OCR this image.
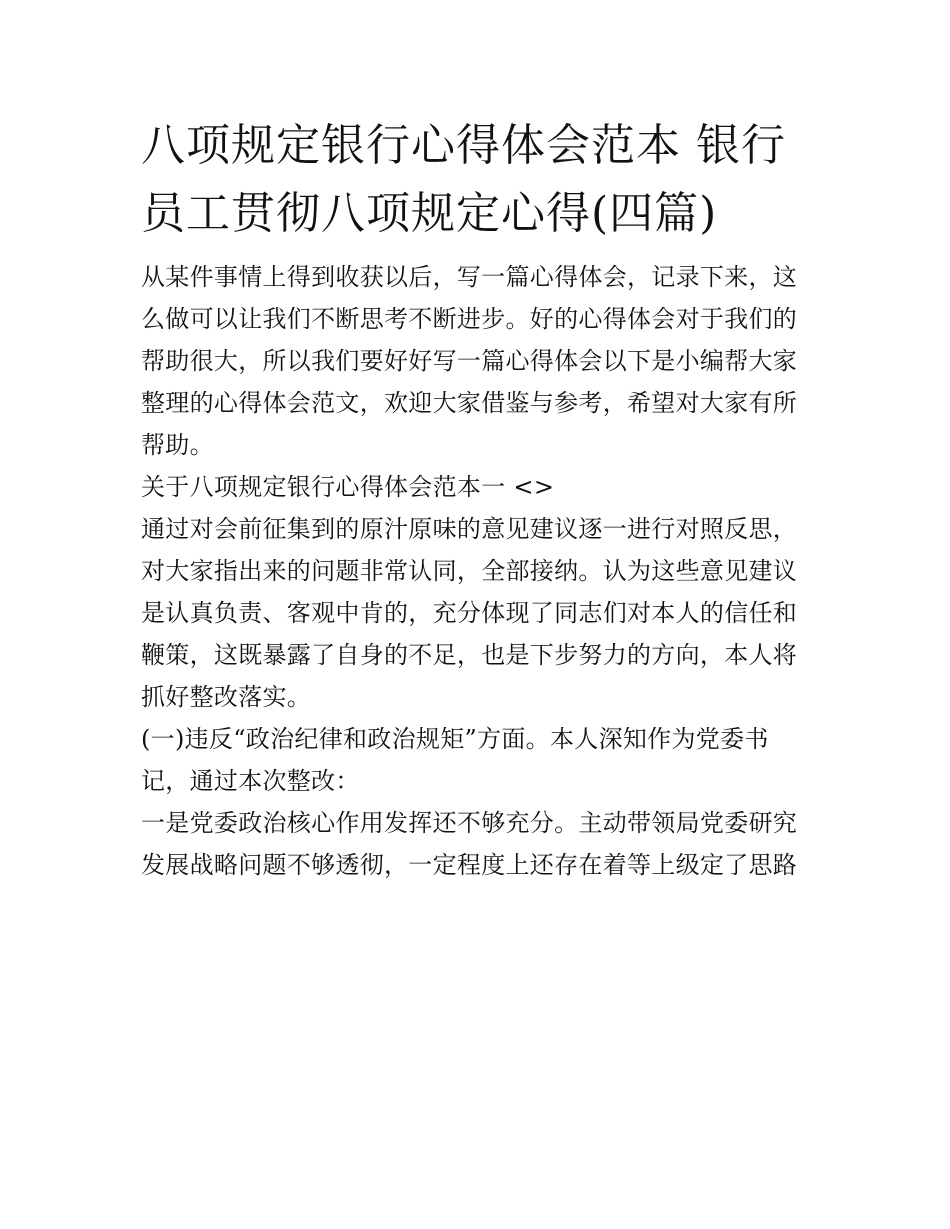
八项规定银行心得体会范本 银行员工贯彻八项规定心得(四篇)

从某件事情上得到收获以后，写一篇心得体会，记录下来，这么做可以让我们不断思考不断进步。好的心得体会对于我们的帮助很大，所以我们要好好写一篇心得体会以下是小编帮大家整理的心得体会范文，欢迎大家借鉴与参考，希望对大家有所帮助。

关于八项规定银行心得体会范本一 <>

通过对会前征集到的原汁原味的意见建议逐一进行对照反思，对大家指出来的问题非常认同，全部接纳。认为这些意见建议是认真负责、客观中肯的，充分体现了同志们对本人的信任和鞭策，这既暴露了自身的不足，也是下步努力的方向，本人将抓好整改落实。

(一)违反“政治纪律和政治规矩”方面。本人深知作为党委书记，通过本次整改：

一是党委政治核心作用发挥还不够充分。主动带领局党委研究发展战略问题不够透彻，一定程度上还存在着等上级定了思路
